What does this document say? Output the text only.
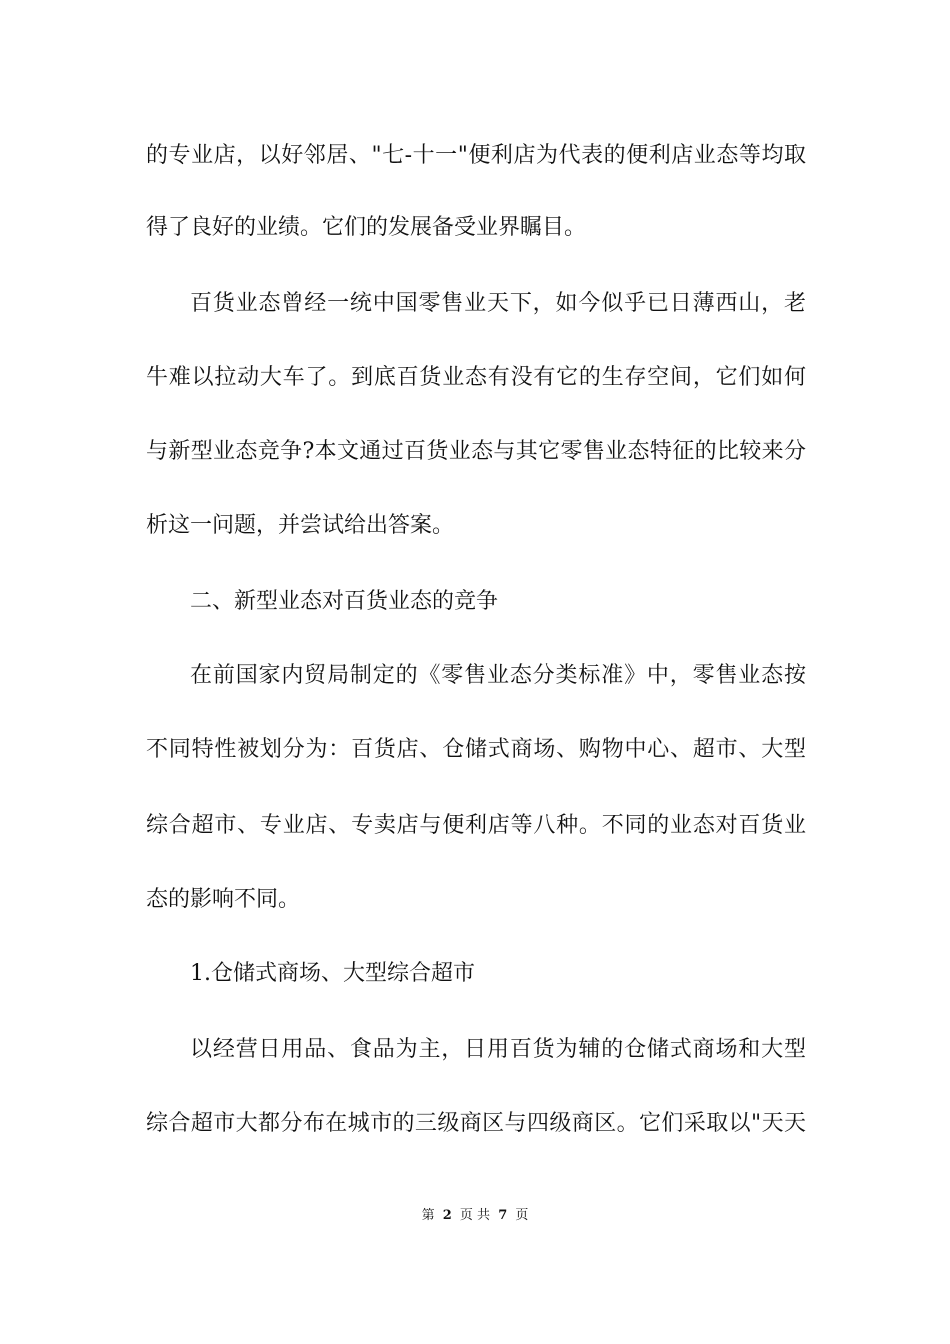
的专业店，以好邻居、"七-十一"便利店为代表的便利店业态等均取
得了良好的业绩。它们的发展备受业界瞩目。
百货业态曾经一统中国零售业天下，如今似乎已日薄西山，老
牛难以拉动大车了。到底百货业态有没有它的生存空间，它们如何
与新型业态竞争?本文通过百货业态与其它零售业态特征的比较来分
析这一问题，并尝试给出答案。
二、新型业态对百货业态的竞争
在前国家内贸局制定的《零售业态分类标准》中，零售业态按
不同特性被划分为：百货店、仓储式商场、购物中心、超市、大型
综合超市、专业店、专卖店与便利店等八种。不同的业态对百货业
态的影响不同。
1.仓储式商场、大型综合超市
以经营日用品、食品为主，日用百货为辅的仓储式商场和大型
综合超市大都分布在城市的三级商区与四级商区。它们采取以"天天
第 2 页 共 7 页
